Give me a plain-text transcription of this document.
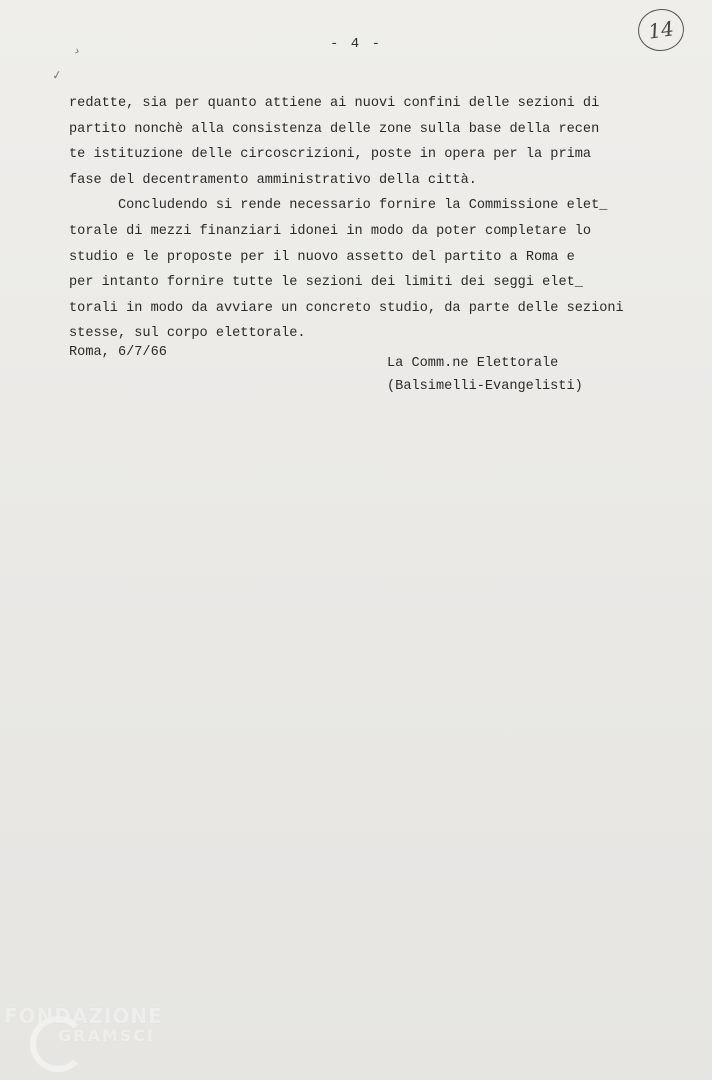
- 4 -
14
›
✓
redatte, sia per quanto attiene ai nuovi confini delle sezioni di
partito nonchè alla consistenza delle zone sulla base della recen
te istituzione delle circoscrizioni, poste in opera per la prima
fase del decentramento amministrativo della città.
Concludendo si rende necessario fornire la Commissione elet_
torale di mezzi finanziari idonei in modo da poter completare lo
studio e le proposte per il nuovo assetto del partito a Roma e
per intanto fornire tutte le sezioni dei limiti dei seggi elet_
torali in modo da avviare un concreto studio, da parte delle sezioni
stesse, sul corpo elettorale.
Roma, 6/7/66
La Comm.ne Elettorale
(Balsimelli-Evangelisti)
FONDAZIONE
GRAMSCI
